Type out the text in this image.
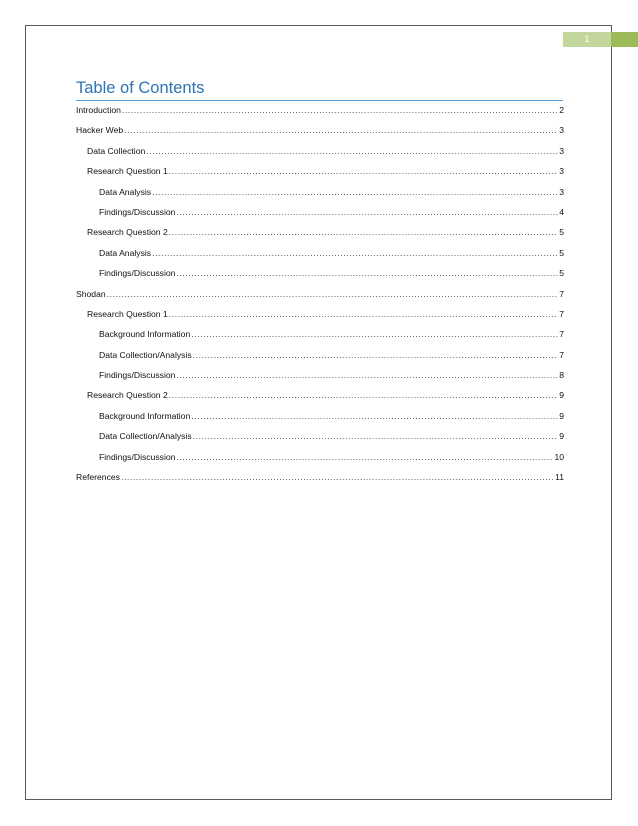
1
Table of Contents
Introduction .....	2
Hacker Web .....	3
Data Collection .....	3
Research Question 1 .....	3
Data Analysis .....	3
Findings/Discussion .....	4
Research Question 2 .....	5
Data Analysis .....	5
Findings/Discussion .....	5
Shodan .....	7
Research Question 1 .....	7
Background Information .....	7
Data Collection/Analysis .....	7
Findings/Discussion .....	8
Research Question 2 .....	9
Background Information .....	9
Data Collection/Analysis .....	9
Findings/Discussion .....	10
References .....	11
